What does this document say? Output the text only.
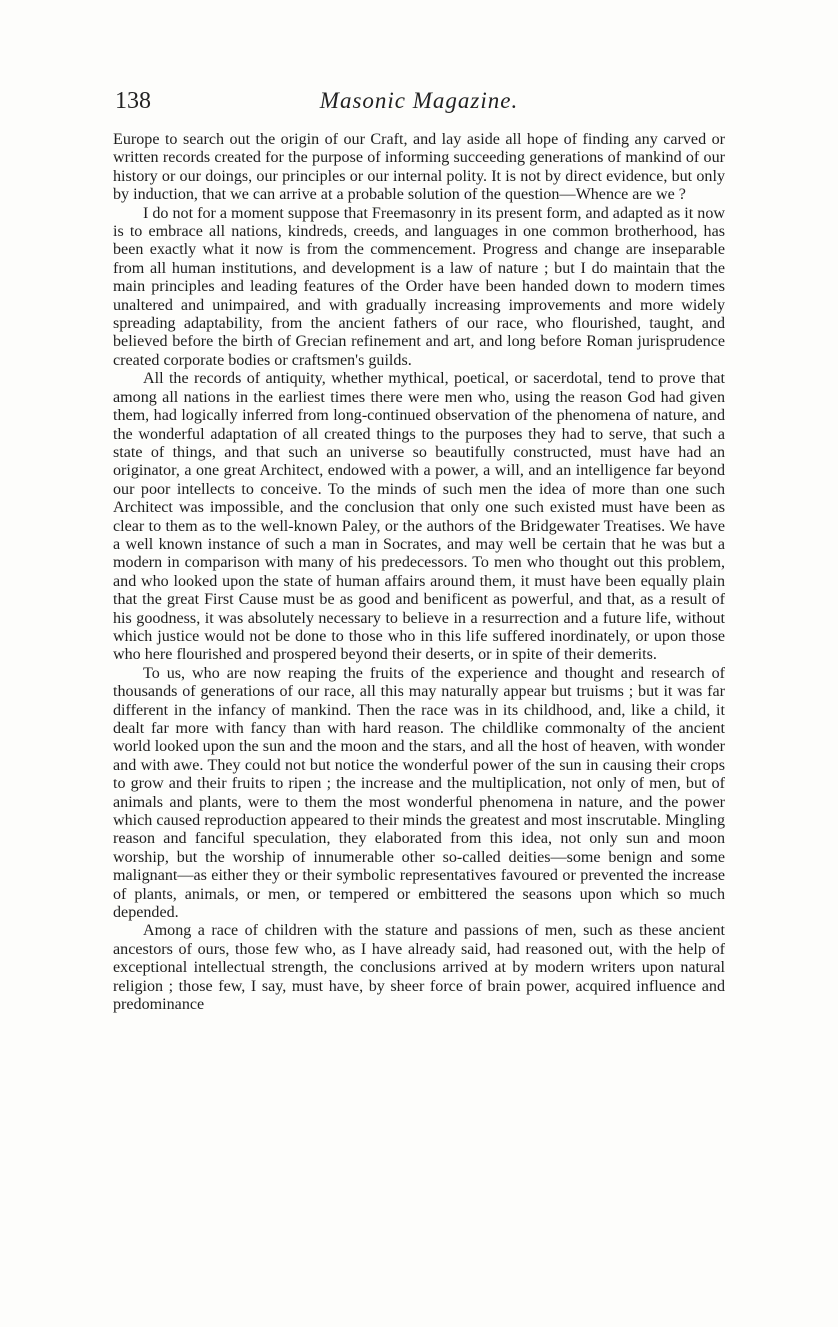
138	Masonic Magazine.

Europe to search out the origin of our Craft, and lay aside all hope of finding any carved or written records created for the purpose of informing succeeding generations of mankind of our history or our doings, our principles or our internal polity. It is not by direct evidence, but only by induction, that we can arrive at a probable solution of the question—Whence are we ?

I do not for a moment suppose that Freemasonry in its present form, and adapted as it now is to embrace all nations, kindreds, creeds, and languages in one common brotherhood, has been exactly what it now is from the commencement. Progress and change are inseparable from all human institutions, and development is a law of nature ; but I do maintain that the main principles and leading features of the Order have been handed down to modern times unaltered and unimpaired, and with gradually increasing improvements and more widely spreading adaptability, from the ancient fathers of our race, who flourished, taught, and believed before the birth of Grecian refinement and art, and long before Roman jurisprudence created corporate bodies or craftsmen's guilds.

All the records of antiquity, whether mythical, poetical, or sacerdotal, tend to prove that among all nations in the earliest times there were men who, using the reason God had given them, had logically inferred from long-continued observation of the phenomena of nature, and the wonderful adaptation of all created things to the purposes they had to serve, that such a state of things, and that such an universe so beautifully constructed, must have had an originator, a one great Architect, endowed with a power, a will, and an intelligence far beyond our poor intellects to conceive. To the minds of such men the idea of more than one such Architect was impossible, and the conclusion that only one such existed must have been as clear to them as to the well-known Paley, or the authors of the Bridgewater Treatises. We have a well known instance of such a man in Socrates, and may well be certain that he was but a modern in comparison with many of his predecessors. To men who thought out this problem, and who looked upon the state of human affairs around them, it must have been equally plain that the great First Cause must be as good and benificent as powerful, and that, as a result of his goodness, it was absolutely necessary to believe in a resurrection and a future life, without which justice would not be done to those who in this life suffered inordinately, or upon those who here flourished and prospered beyond their deserts, or in spite of their demerits.

To us, who are now reaping the fruits of the experience and thought and research of thousands of generations of our race, all this may naturally appear but truisms ; but it was far different in the infancy of mankind. Then the race was in its childhood, and, like a child, it dealt far more with fancy than with hard reason. The childlike commonalty of the ancient world looked upon the sun and the moon and the stars, and all the host of heaven, with wonder and with awe. They could not but notice the wonderful power of the sun in causing their crops to grow and their fruits to ripen ; the increase and the multiplication, not only of men, but of animals and plants, were to them the most wonderful phenomena in nature, and the power which caused reproduction appeared to their minds the greatest and most inscrutable. Mingling reason and fanciful speculation, they elaborated from this idea, not only sun and moon worship, but the worship of innumerable other so-called deities—some benign and some malignant—as either they or their symbolic representatives favoured or prevented the increase of plants, animals, or men, or tempered or embittered the seasons upon which so much depended.

Among a race of children with the stature and passions of men, such as these ancient ancestors of ours, those few who, as I have already said, had reasoned out, with the help of exceptional intellectual strength, the conclusions arrived at by modern writers upon natural religion ; those few, I say, must have, by sheer force of brain power, acquired influence and predominance
